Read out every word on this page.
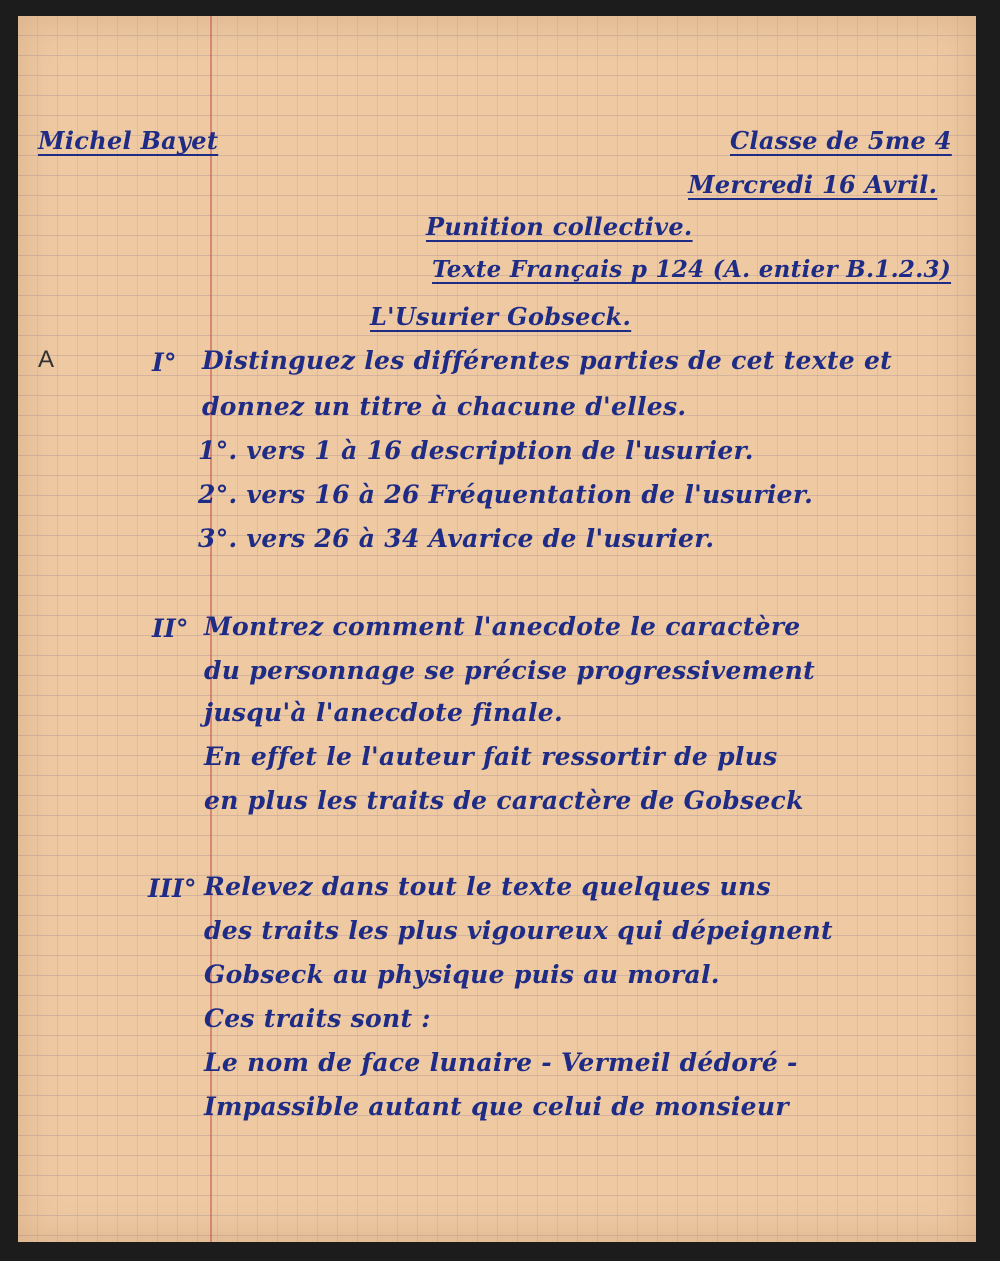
Michel Bayet	Classe de 5me 4
Mercredi 16 Avril.
Punition collective.
Texte Français p 124 (A. entier B.1.2.3)
L'Usurier Gobseck.
A	I° Distinguez les différentes parties de cet texte et
donnez un titre à chacune d'elles.
1°. vers 1 à 16 description de l'usurier.
2°. vers 16 à 26 Fréquentation de l'usurier.
3°. vers 26 à 34 Avarice de l'usurier.
II° Montrez comment l'anecdote le caractère
du personnage se précise progressivement
jusqu'à l'anecdote finale.
En effet le l'auteur fait ressortir de plus
en plus les traits de caractère de Gobseck
III° Relevez dans tout le texte quelques uns
des traits les plus vigoureux qui dépeignent
Gobseck au physique puis au moral.
Ces traits sont :
Le nom de face lunaire - Vermeil dédoré -
Impassible autant que celui de monsieur
